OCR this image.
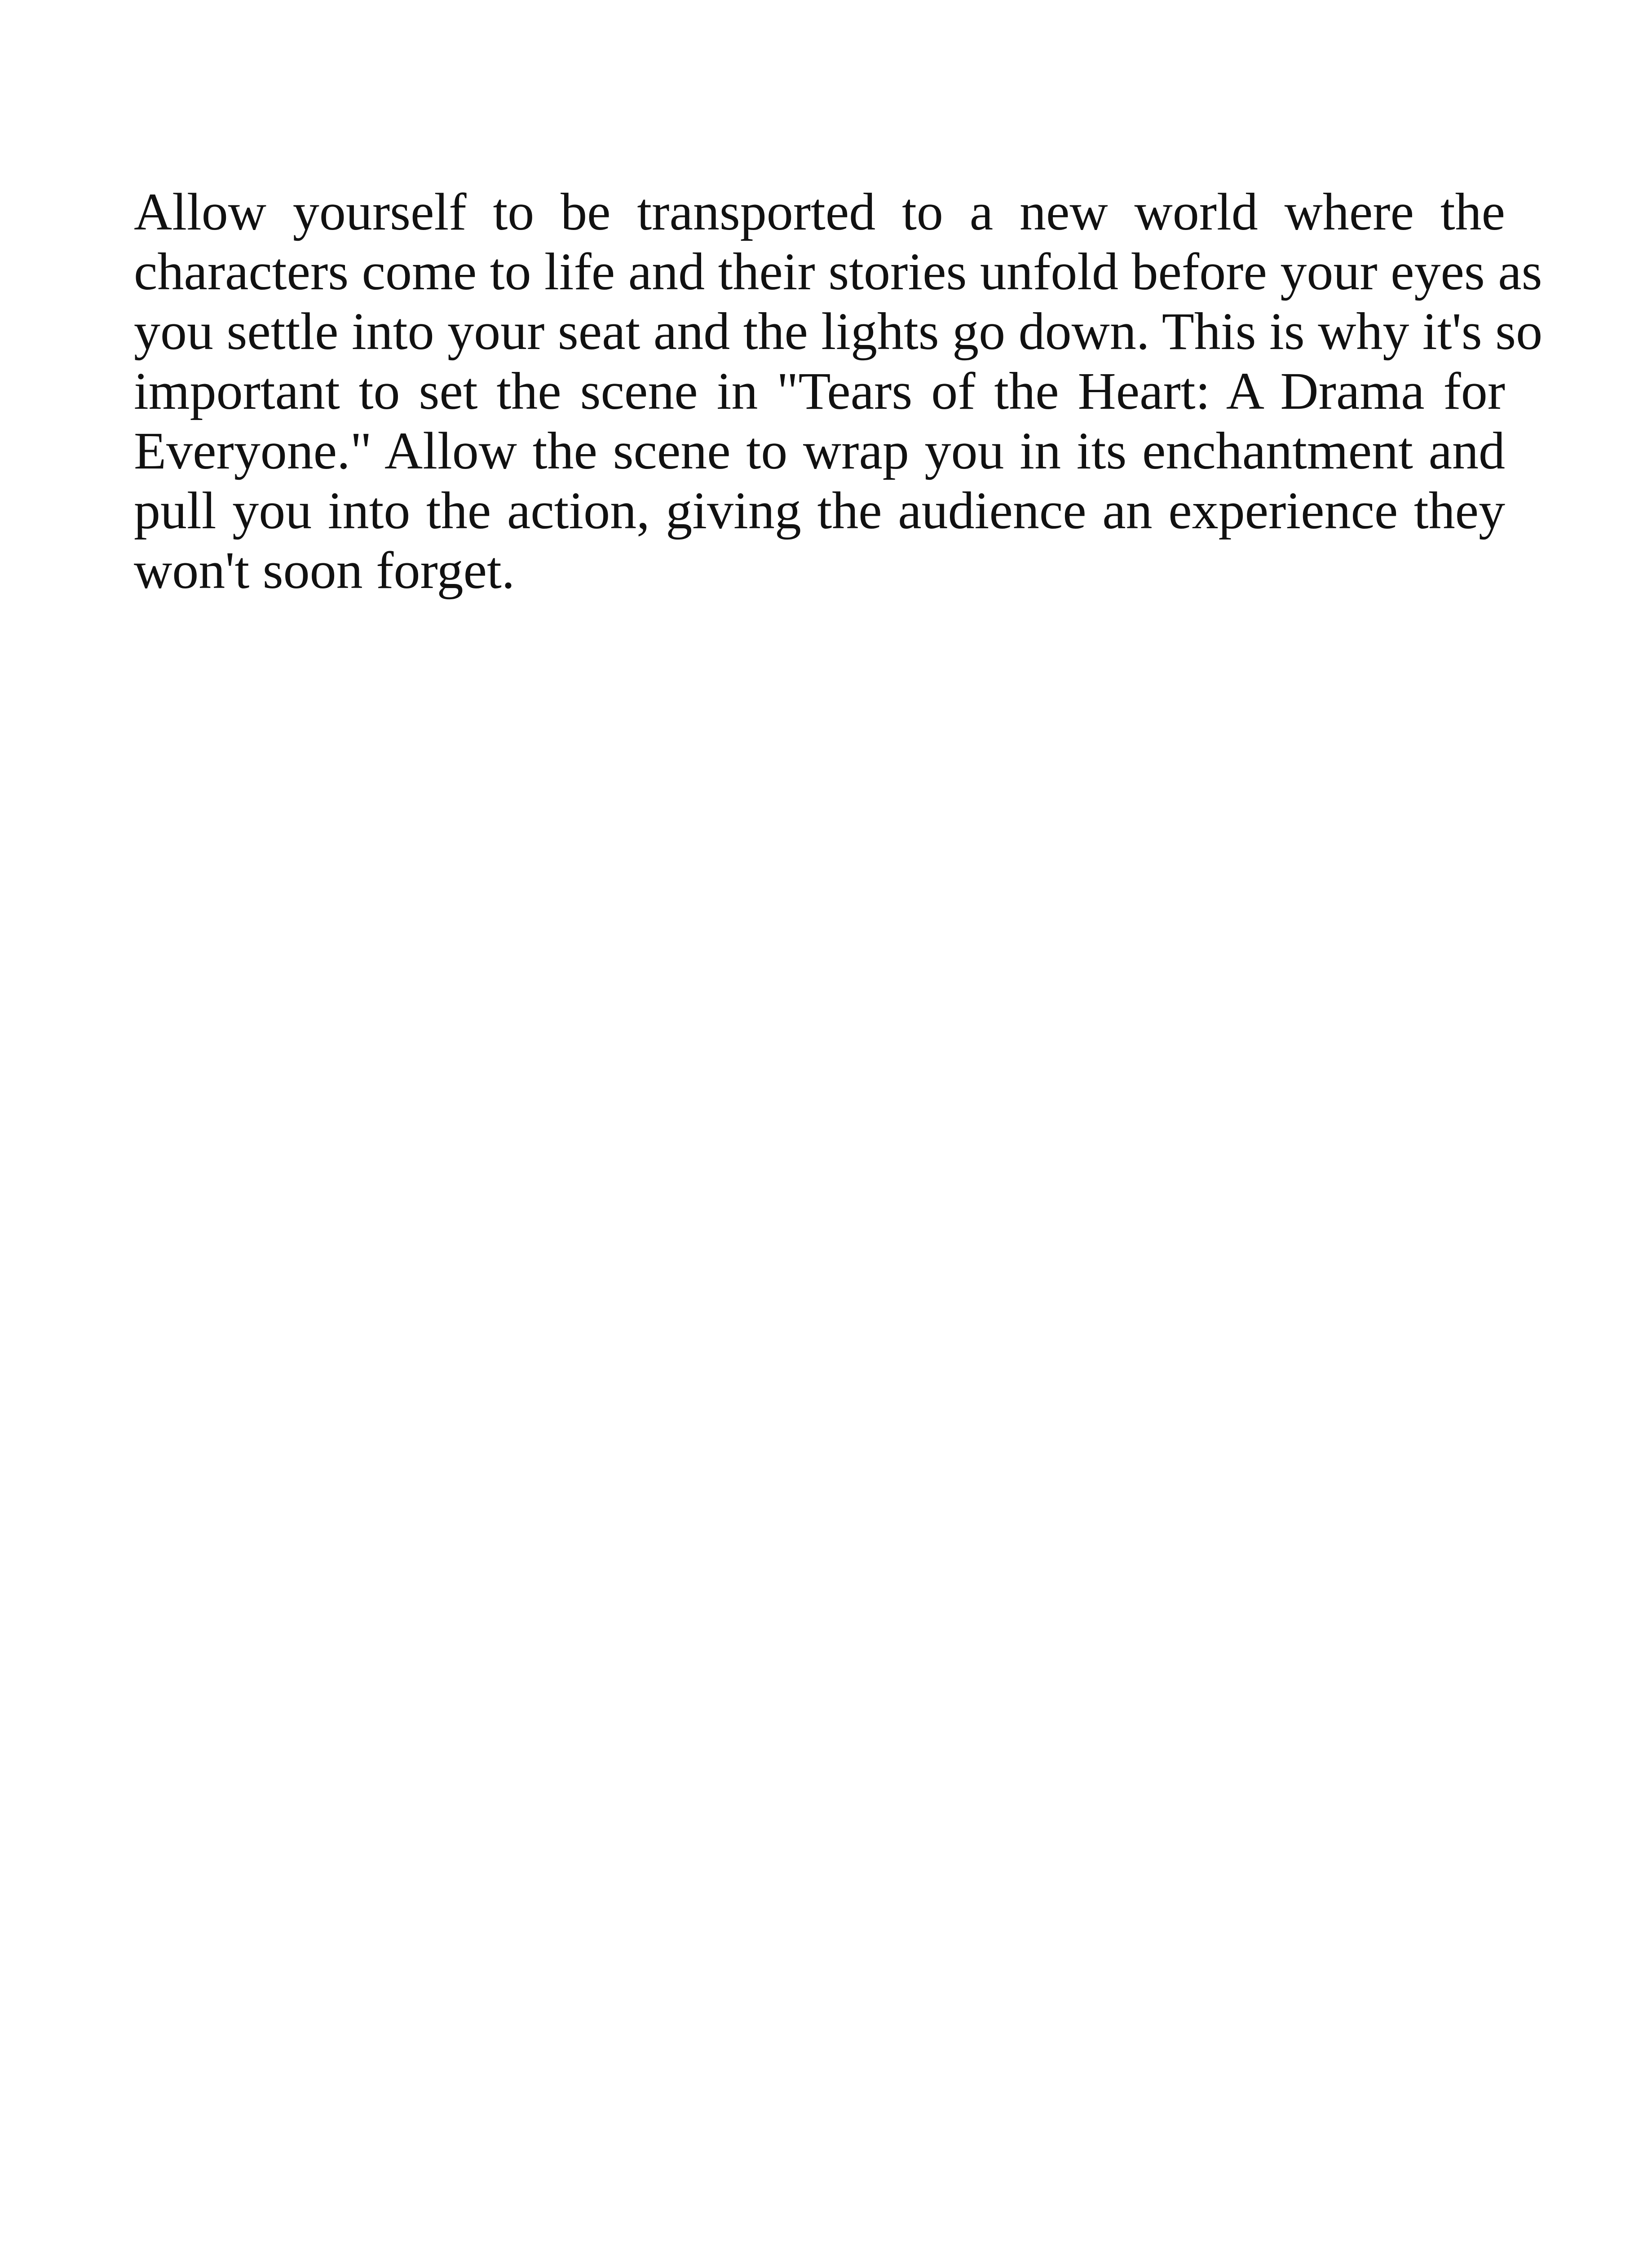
Allow yourself to be transported to a new world where the
characters come to life and their stories unfold before your eyes as
you settle into your seat and the lights go down. This is why it's so
important to set the scene in "Tears of the Heart: A Drama for
Everyone." Allow the scene to wrap you in its enchantment and
pull you into the action, giving the audience an experience they
won't soon forget.
